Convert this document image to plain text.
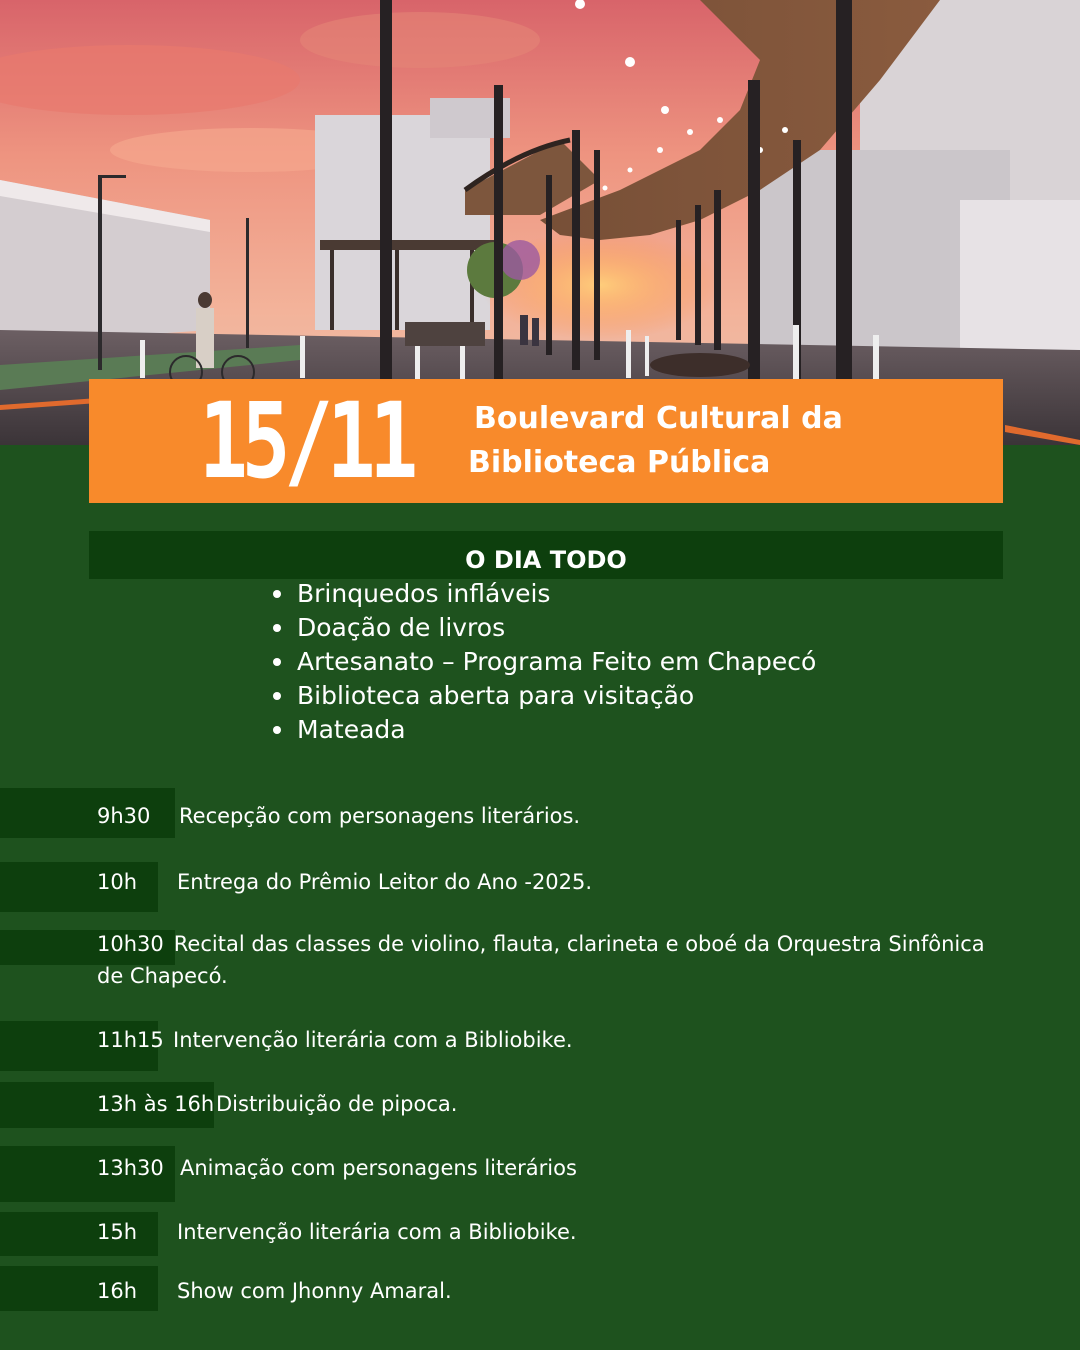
15/11 Boulevard Cultural da
Biblioteca Pública
O DIA TODO
Brinquedos infláveis
Doação de livros
Artesanato – Programa Feito em Chapecó
Biblioteca aberta para visitação
Mateada
9h30 Recepção com personagens literários.
10h Entrega do Prêmio Leitor do Ano -2025.
10h30 Recital das classes de violino, flauta, clarineta e oboé da Orquestra Sinfônica de Chapecó.
11h15 Intervenção literária com a Bibliobike.
13h às 16h Distribuição de pipoca.
13h30 Animação com personagens literários
15h Intervenção literária com a Bibliobike.
16h Show com Jhonny Amaral.
